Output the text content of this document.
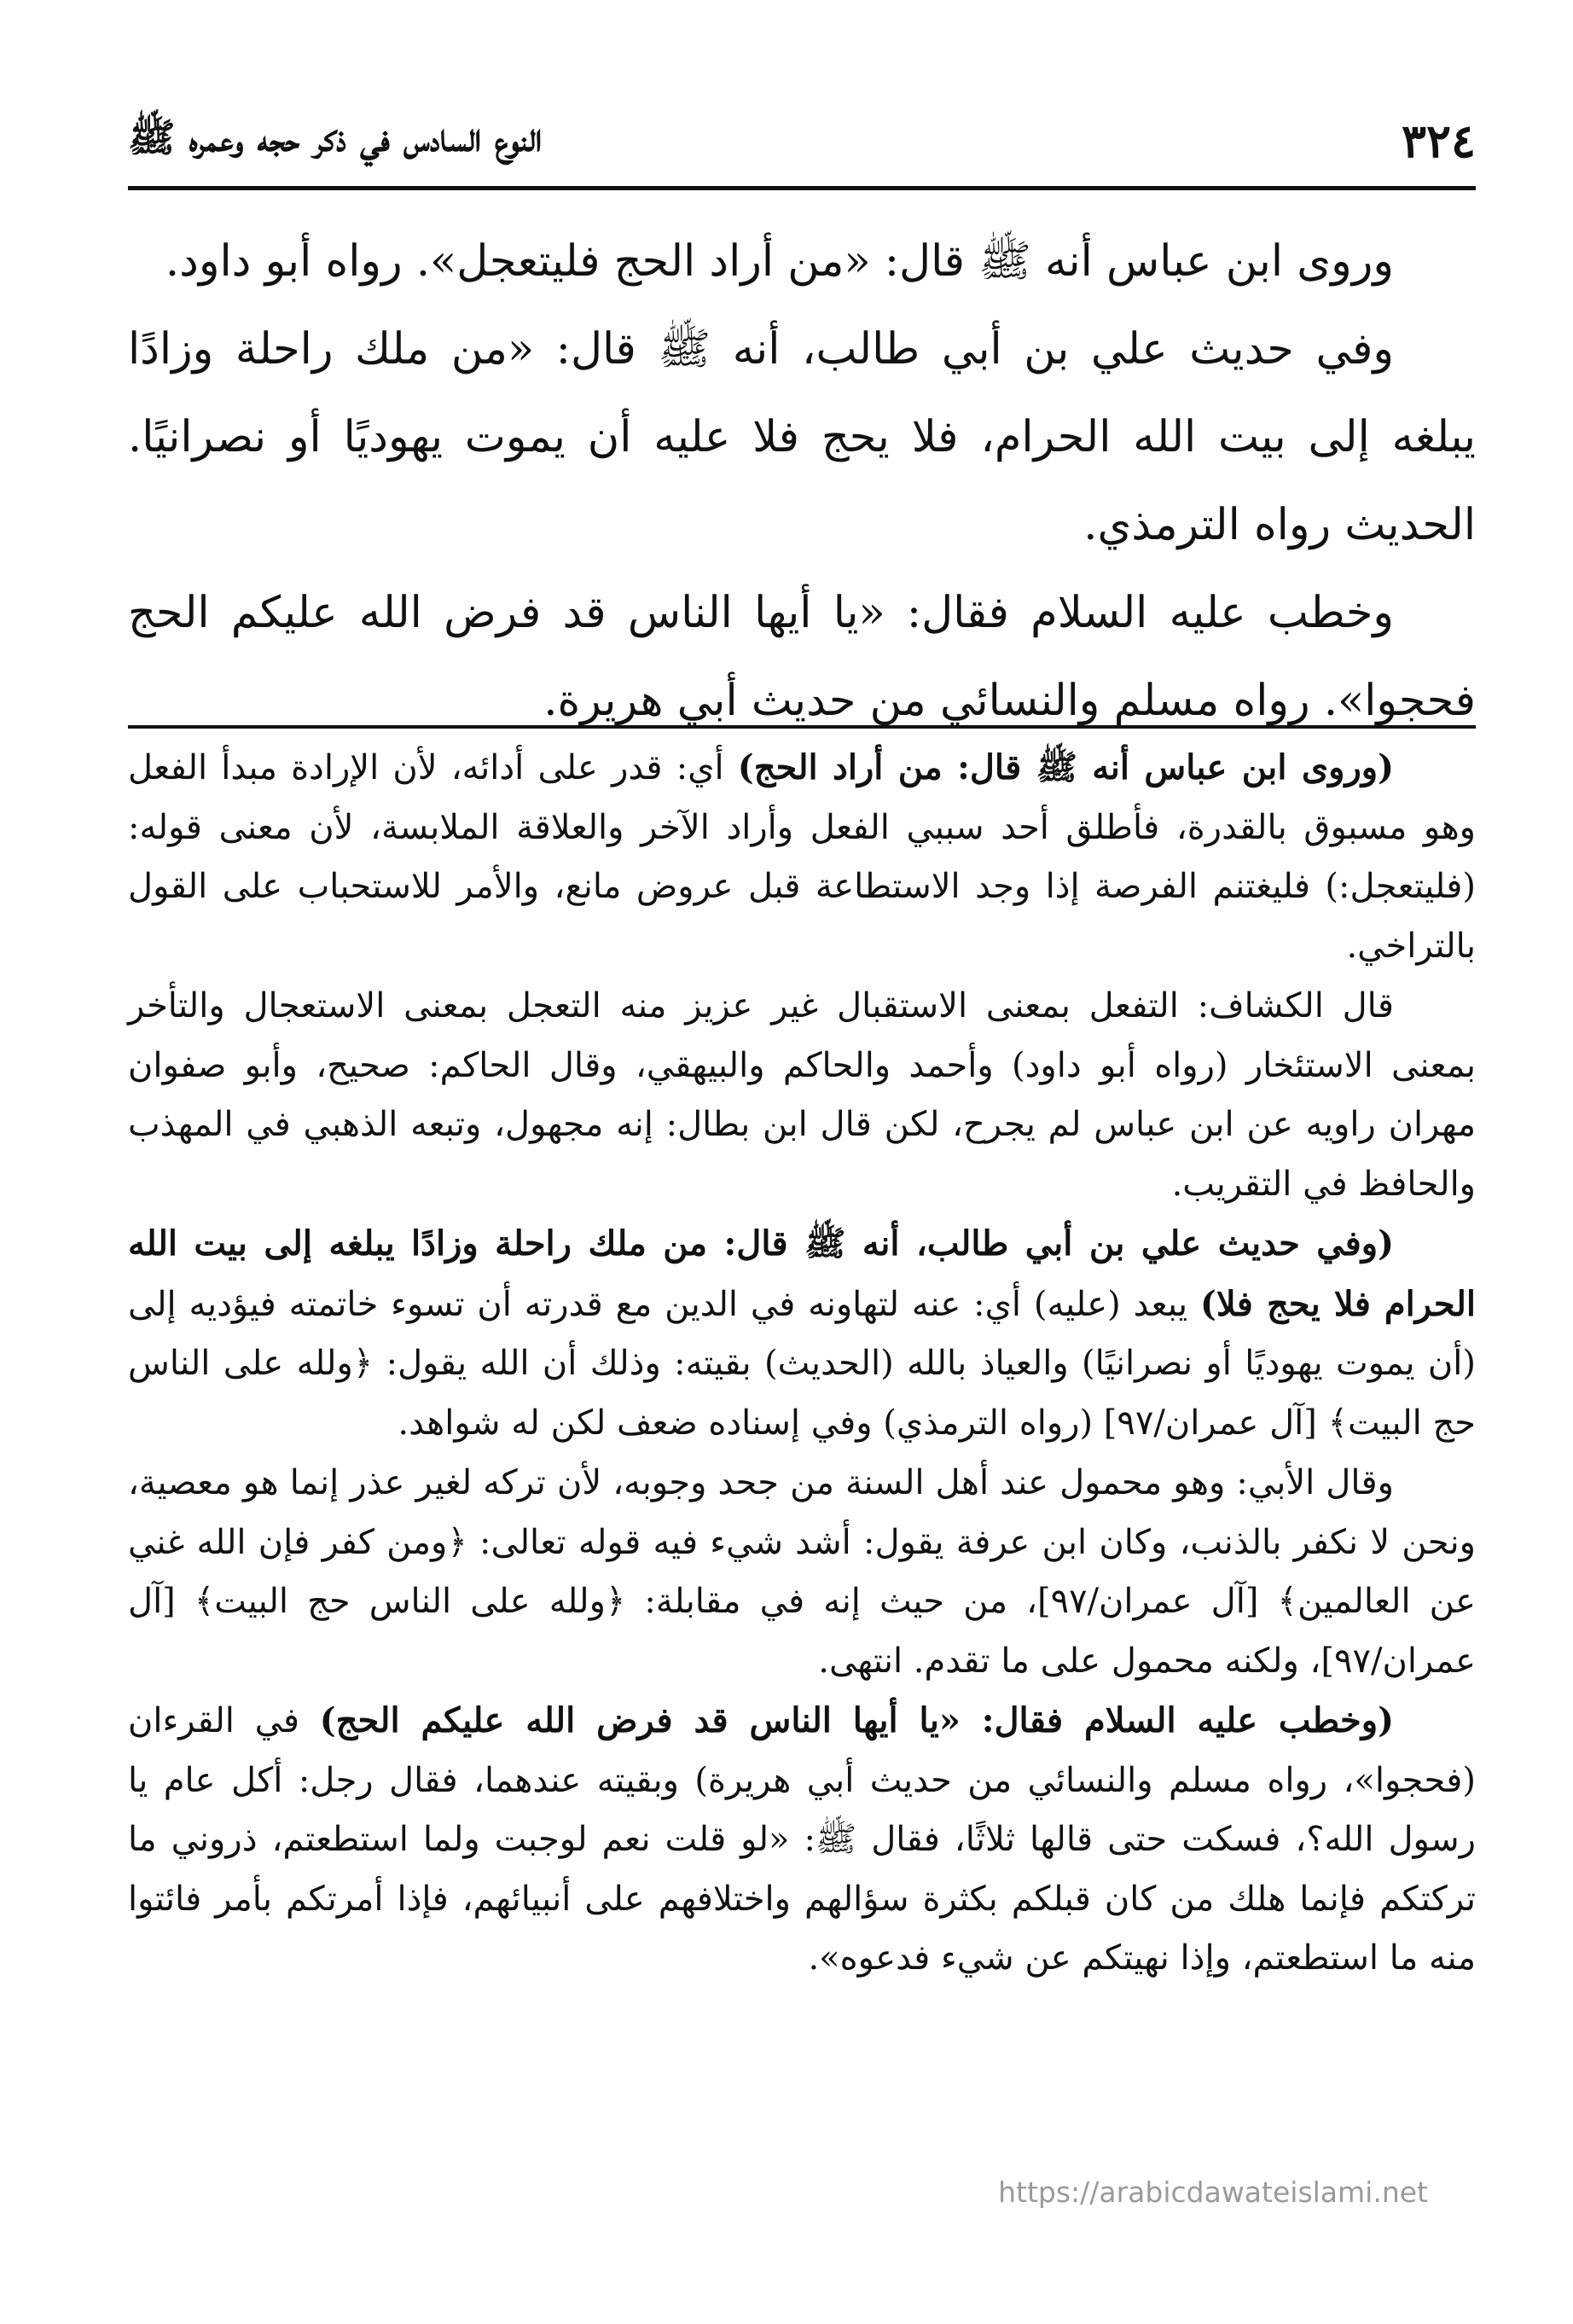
٣٢٤
النوع السادس في ذكر حجه وعمره ﷺ

وروى ابن عباس أنه ﷺ قال: «من أراد الحج فليتعجل». رواه أبو داود.

وفي حديث علي بن أبي طالب، أنه ﷺ قال: «من ملك راحلة وزادًا يبلغه إلى بيت الله الحرام، فلا يحج فلا عليه أن يموت يهوديًا أو نصرانيًا. الحديث رواه الترمذي.

وخطب عليه السلام فقال: «يا أيها الناس قد فرض الله عليكم الحج فحجوا». رواه مسلم والنسائي من حديث أبي هريرة.

(وروى ابن عباس أنه ﷺ قال: من أراد الحج) أي: قدر على أدائه، لأن الإرادة مبدأ الفعل وهو مسبوق بالقدرة، فأطلق أحد سببي الفعل وأراد الآخر والعلاقة الملابسة، لأن معنى قوله: (فليتعجل:) فليغتنم الفرصة إذا وجد الاستطاعة قبل عروض مانع، والأمر للاستحباب على القول بالتراخي.

قال الكشاف: التفعل بمعنى الاستقبال غير عزيز منه التعجل بمعنى الاستعجال والتأخر بمعنى الاستئخار (رواه أبو داود) وأحمد والحاكم والبيهقي، وقال الحاكم: صحيح، وأبو صفوان مهران راويه عن ابن عباس لم يجرح، لكن قال ابن بطال: إنه مجهول، وتبعه الذهبي في المهذب والحافظ في التقريب.

(وفي حديث علي بن أبي طالب، أنه ﷺ قال: من ملك راحلة وزادًا يبلغه إلى بيت الله الحرام فلا يحج فلا) يبعد (عليه) أي: عنه لتهاونه في الدين مع قدرته أن تسوء خاتمته فيؤديه إلى (أن يموت يهوديًا أو نصرانيًا) والعياذ بالله (الحديث) بقيته: وذلك أن الله يقول: ﴿ولله على الناس حج البيت﴾ [آل عمران/٩٧] (رواه الترمذي) وفي إسناده ضعف لكن له شواهد.

وقال الأبي: وهو محمول عند أهل السنة من جحد وجوبه، لأن تركه لغير عذر إنما هو معصية، ونحن لا نكفر بالذنب، وكان ابن عرفة يقول: أشد شيء فيه قوله تعالى: ﴿ومن كفر فإن الله غني عن العالمين﴾ [آل عمران/٩٧]، من حيث إنه في مقابلة: ﴿ولله على الناس حج البيت﴾ [آل عمران/٩٧]، ولكنه محمول على ما تقدم. انتهى.

(وخطب عليه السلام فقال: «يا أيها الناس قد فرض الله عليكم الحج) في القرءان (فحجوا»، رواه مسلم والنسائي من حديث أبي هريرة) وبقيته عندهما، فقال رجل: أكل عام يا رسول الله؟، فسكت حتى قالها ثلاثًا، فقال ﷺ: «لو قلت نعم لوجبت ولما استطعتم، ذروني ما تركتكم فإنما هلك من كان قبلكم بكثرة سؤالهم واختلافهم على أنبيائهم، فإذا أمرتكم بأمر فائتوا منه ما استطعتم، وإذا نهيتكم عن شيء فدعوه».

https://arabicdawateislami.net
